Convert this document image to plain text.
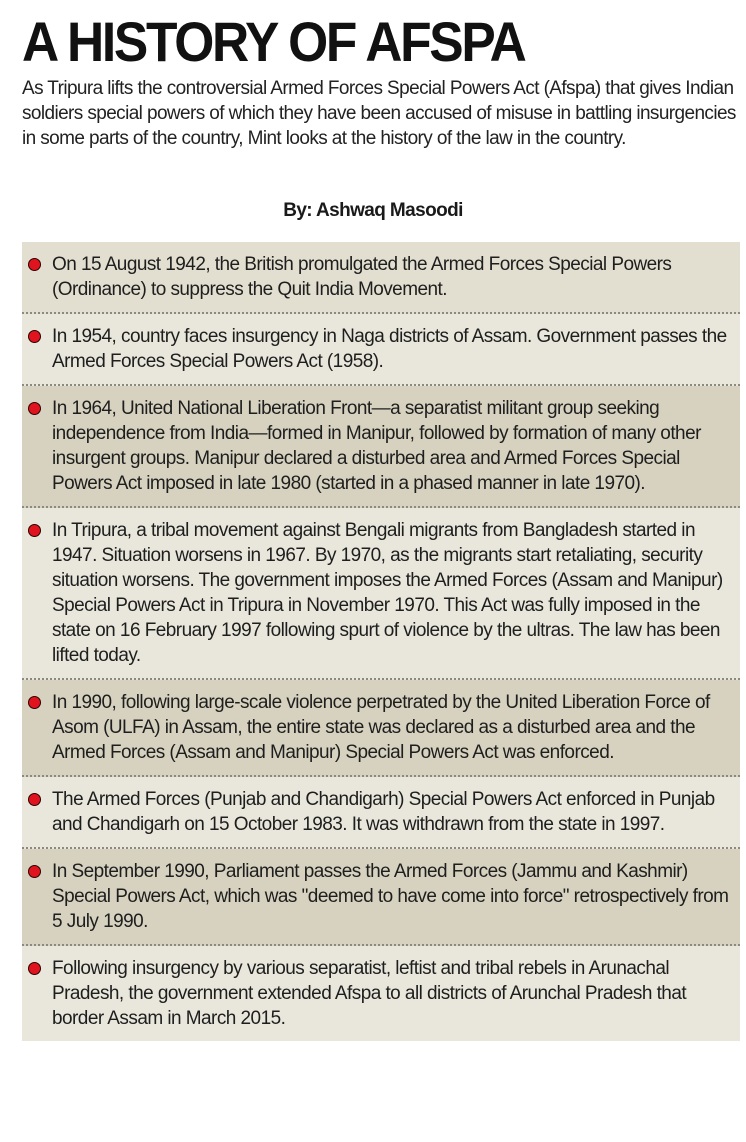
A HISTORY OF AFSPA
As Tripura lifts the controversial Armed Forces Special Powers Act (Afspa) that gives Indian soldiers special powers of which they have been accused of misuse in battling insurgencies in some parts of the country, Mint looks at the history of the law in the country.
By: Ashwaq Masoodi
On 15 August 1942, the British promulgated the Armed Forces Special Powers (Ordinance) to suppress the Quit India Movement.
In 1954, country faces insurgency in Naga districts of Assam. Government passes the Armed Forces Special Powers Act (1958).
In 1964, United National Liberation Front—a separatist militant group seeking independence from India—formed in Manipur, followed by formation of many other insurgent groups. Manipur declared a disturbed area and Armed Forces Special Powers Act imposed in late 1980 (started in a phased manner in late 1970).
In Tripura, a tribal movement against Bengali migrants from Bangladesh started in 1947. Situation worsens in 1967. By 1970, as the migrants start retaliating, security situation worsens. The government imposes the Armed Forces (Assam and Manipur) Special Powers Act in Tripura in November 1970. This Act was fully imposed in the state on 16 February 1997 following spurt of violence by the ultras. The law has been lifted today.
In 1990, following large-scale violence perpetrated by the United Liberation Force of Asom (ULFA) in Assam, the entire state was declared as a disturbed area and the Armed Forces (Assam and Manipur) Special Powers Act was enforced.
The Armed Forces (Punjab and Chandigarh) Special Powers Act enforced in Punjab and Chandigarh on 15 October 1983. It was withdrawn from the state in 1997.
In September 1990, Parliament passes the Armed Forces (Jammu and Kashmir) Special Powers Act, which was "deemed to have come into force" retrospectively from 5 July 1990.
Following insurgency by various separatist, leftist and tribal rebels in Arunachal Pradesh, the government extended Afspa to all districts of Arunchal Pradesh that border Assam in March 2015.
